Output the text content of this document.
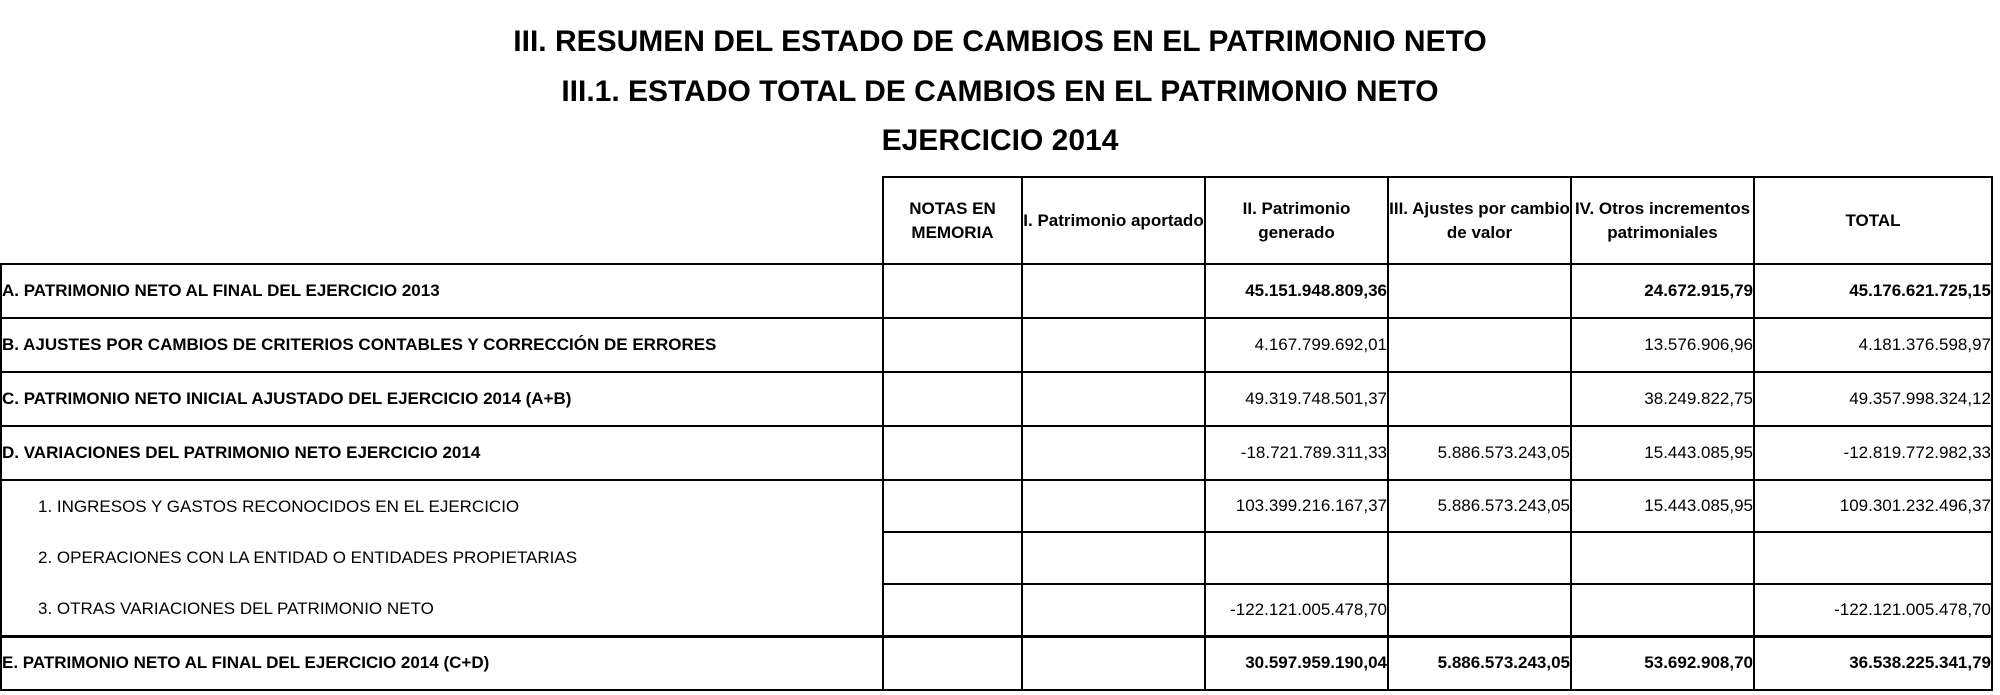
III. RESUMEN DEL ESTADO DE CAMBIOS EN EL PATRIMONIO NETO
III.1. ESTADO TOTAL DE CAMBIOS EN EL PATRIMONIO NETO
EJERCICIO 2014
	NOTAS EN MEMORIA	I. Patrimonio aportado	II. Patrimonio generado	III. Ajustes por cambio de valor	IV. Otros incrementos patrimoniales	TOTAL
A. PATRIMONIO NETO AL FINAL DEL EJERCICIO 2013			45.151.948.809,36		24.672.915,79	45.176.621.725,15
B. AJUSTES POR CAMBIOS DE CRITERIOS CONTABLES Y CORRECCIÓN DE ERRORES			4.167.799.692,01		13.576.906,96	4.181.376.598,97
C. PATRIMONIO NETO INICIAL AJUSTADO DEL EJERCICIO 2014 (A+B)			49.319.748.501,37		38.249.822,75	49.357.998.324,12
D. VARIACIONES DEL PATRIMONIO NETO EJERCICIO 2014			-18.721.789.311,33	5.886.573.243,05	15.443.085,95	-12.819.772.982,33
1. INGRESOS Y GASTOS RECONOCIDOS EN EL EJERCICIO			103.399.216.167,37	5.886.573.243,05	15.443.085,95	109.301.232.496,37
2. OPERACIONES CON LA ENTIDAD O ENTIDADES PROPIETARIAS						
3. OTRAS VARIACIONES DEL PATRIMONIO NETO			-122.121.005.478,70			-122.121.005.478,70
E. PATRIMONIO NETO AL FINAL DEL EJERCICIO 2014 (C+D)			30.597.959.190,04	5.886.573.243,05	53.692.908,70	36.538.225.341,79
